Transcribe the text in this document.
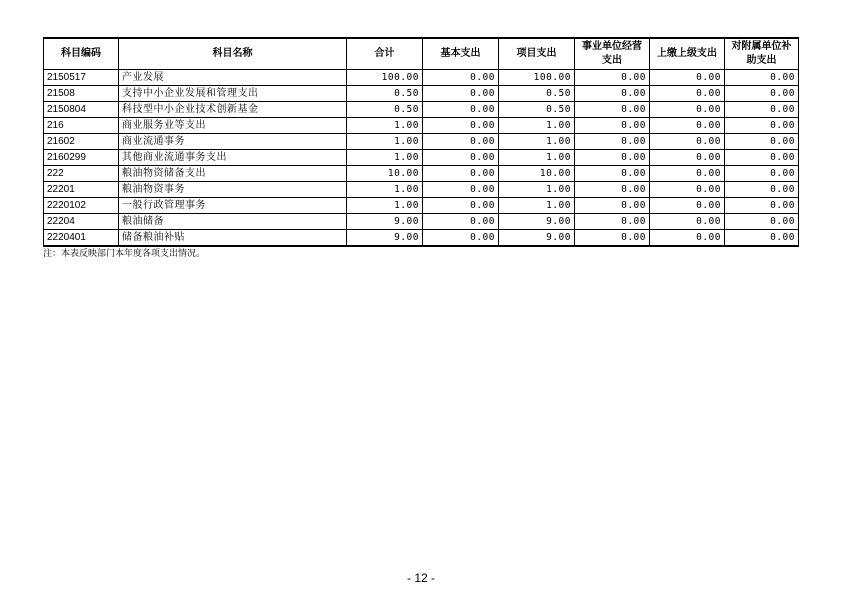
科目编码	科目名称	合计	基本支出	项目支出	事业单位经营支出	上缴上级支出	对附属单位补助支出
2150517	产业发展	100.00	0.00	100.00	0.00	0.00	0.00
21508	支持中小企业发展和管理支出	0.50	0.00	0.50	0.00	0.00	0.00
2150804	科技型中小企业技术创新基金	0.50	0.00	0.50	0.00	0.00	0.00
216	商业服务业等支出	1.00	0.00	1.00	0.00	0.00	0.00
21602	商业流通事务	1.00	0.00	1.00	0.00	0.00	0.00
2160299	其他商业流通事务支出	1.00	0.00	1.00	0.00	0.00	0.00
222	粮油物资储备支出	10.00	0.00	10.00	0.00	0.00	0.00
22201	粮油物资事务	1.00	0.00	1.00	0.00	0.00	0.00
2220102	一般行政管理事务	1.00	0.00	1.00	0.00	0.00	0.00
22204	粮油储备	9.00	0.00	9.00	0.00	0.00	0.00
2220401	储备粮油补贴	9.00	0.00	9.00	0.00	0.00	0.00
注：本表反映部门本年度各项支出情况。
- 12 -
